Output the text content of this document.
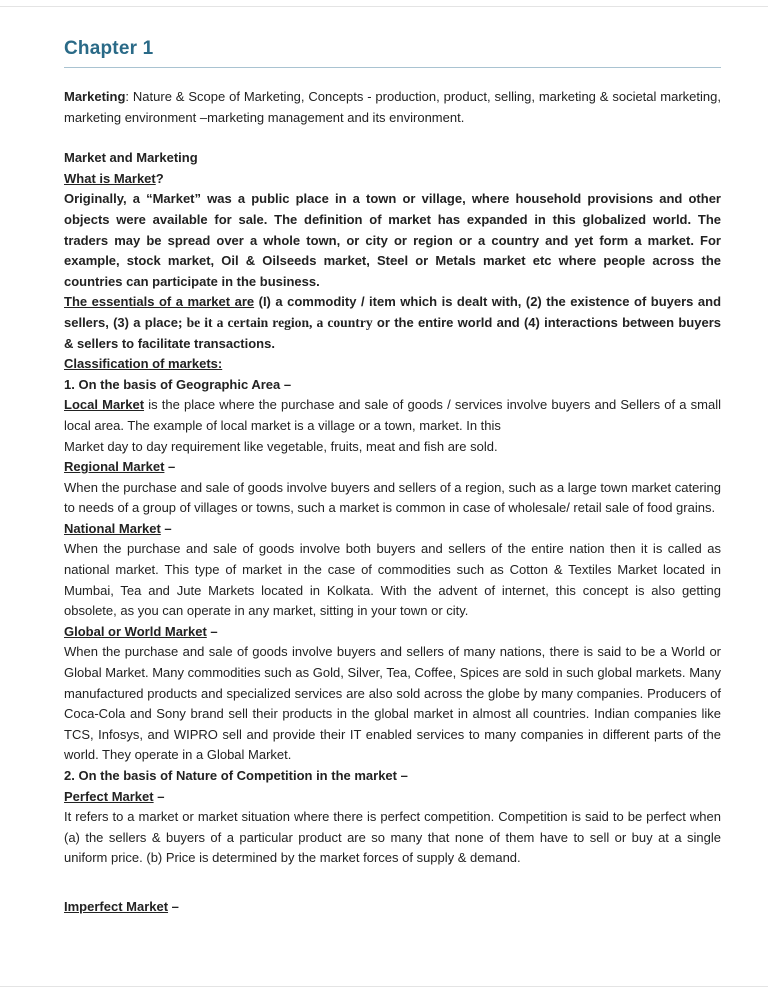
Chapter 1

Marketing: Nature & Scope of Marketing, Concepts - production, product, selling, marketing & societal marketing, marketing environment –marketing management and its environment.

Market and Marketing

What is Market?

Originally, a “Market” was a public place in a town or village, where household provisions and other objects were available for sale. The definition of market has expanded in this globalized world. The traders may be spread over a whole town, or city or region or a country and yet form a market. For example, stock market, Oil & Oilseeds market, Steel or Metals market etc where people across the countries can participate in the business.

The essentials of a market are (I) a commodity / item which is dealt with, (2) the existence of buyers and sellers, (3) a place; be it a certain region, a country or the entire world and (4) interactions between buyers & sellers to facilitate transactions.

Classification of markets:

1. On the basis of Geographic Area –

Local Market is the place where the purchase and sale of goods / services involve buyers and Sellers of a small local area. The example of local market is a village or a town, market. In this

Market day to day requirement like vegetable, fruits, meat and fish are sold.

Regional Market –

When the purchase and sale of goods involve buyers and sellers of a region, such as a large town market catering to needs of a group of villages or towns, such a market is common in case of wholesale/ retail sale of food grains.

National Market –

When the purchase and sale of goods involve both buyers and sellers of the entire nation then it is called as national market. This type of market in the case of commodities such as Cotton & Textiles Market located in Mumbai, Tea and Jute Markets located in Kolkata. With the advent of internet, this concept is also getting obsolete, as you can operate in any market, sitting in your town or city.

Global or World Market –

When the purchase and sale of goods involve buyers and sellers of many nations, there is said to be a World or Global Market. Many commodities such as Gold, Silver, Tea, Coffee, Spices are sold in such global markets. Many manufactured products and specialized services are also sold across the globe by many companies. Producers of Coca-Cola and Sony brand sell their products in the global market in almost all countries. Indian companies like TCS, Infosys, and WIPRO sell and provide their IT enabled services to many companies in different parts of the world. They operate in a Global Market.

2. On the basis of Nature of Competition in the market –

Perfect Market –

It refers to a market or market situation where there is perfect competition. Competition is said to be perfect when (a) the sellers & buyers of a particular product are so many that none of them have to sell or buy at a single uniform price. (b) Price is determined by the market forces of supply & demand.

Imperfect Market –
